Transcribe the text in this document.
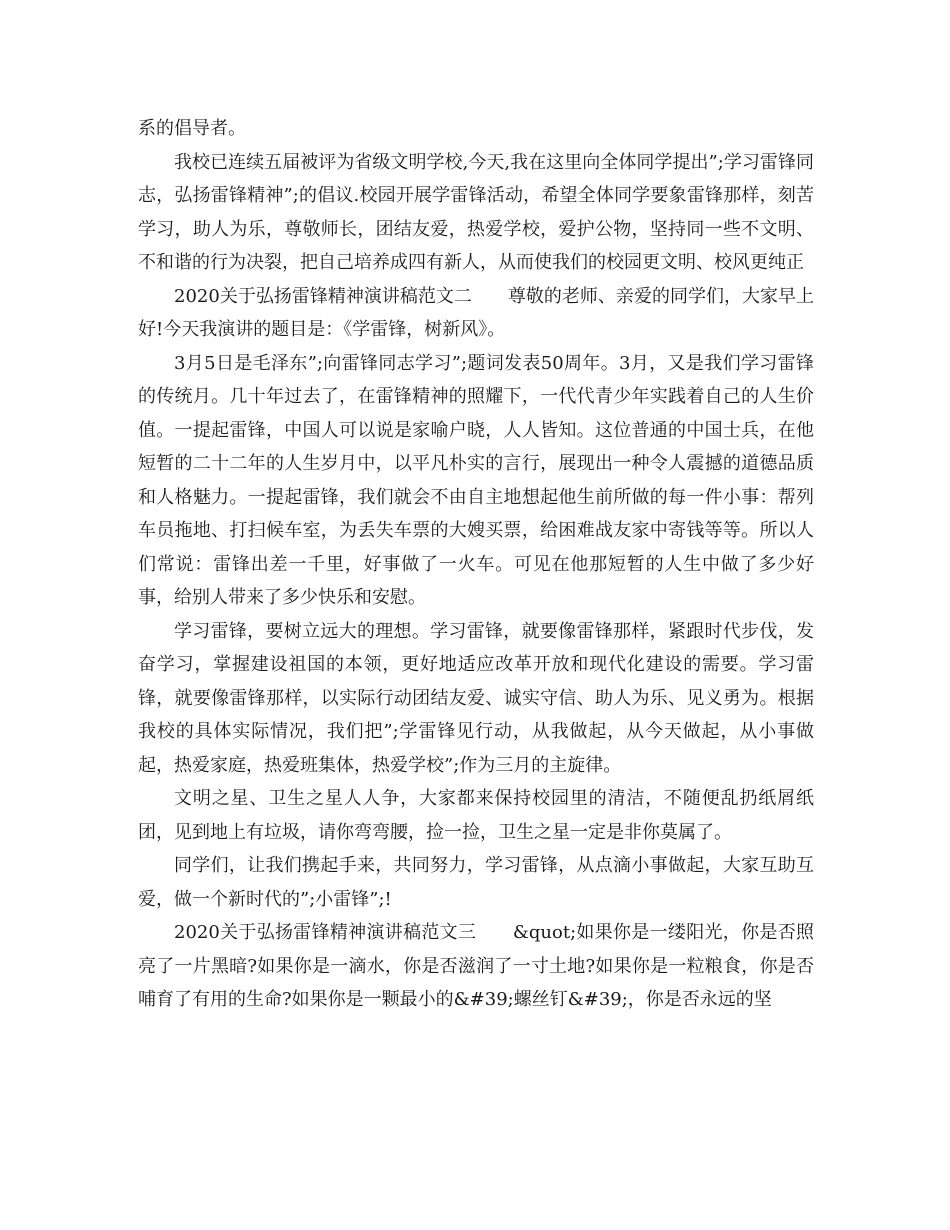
系的倡导者。

我校已连续五届被评为省级文明学校,今天,我在这里向全体同学提出”;学习雷锋同志，弘扬雷锋精神”;的倡议.校园开展学雷锋活动，希望全体同学要象雷锋那样，刻苦学习，助人为乐，尊敬师长，团结友爱，热爱学校，爱护公物，坚持同一些不文明、不和谐的行为决裂，把自己培养成四有新人，从而使我们的校园更文明、校风更纯正

2020关于弘扬雷锋精神演讲稿范文二　　尊敬的老师、亲爱的同学们，大家早上好!今天我演讲的题目是：《学雷锋，树新风》。

3月5日是毛泽东”;向雷锋同志学习”;题词发表50周年。3月，又是我们学习雷锋的传统月。几十年过去了，在雷锋精神的照耀下，一代代青少年实践着自己的人生价值。一提起雷锋，中国人可以说是家喻户晓，人人皆知。这位普通的中国士兵，在他短暂的二十二年的人生岁月中，以平凡朴实的言行，展现出一种令人震撼的道德品质和人格魅力。一提起雷锋，我们就会不由自主地想起他生前所做的每一件小事：帮列车员拖地、打扫候车室，为丢失车票的大嫂买票，给困难战友家中寄钱等等。所以人们常说：雷锋出差一千里，好事做了一火车。可见在他那短暂的人生中做了多少好事，给别人带来了多少快乐和安慰。

学习雷锋，要树立远大的理想。学习雷锋，就要像雷锋那样，紧跟时代步伐，发奋学习，掌握建设祖国的本领，更好地适应改革开放和现代化建设的需要。学习雷锋，就要像雷锋那样，以实际行动团结友爱、诚实守信、助人为乐、见义勇为。根据我校的具体实际情况，我们把”;学雷锋见行动，从我做起，从今天做起，从小事做起，热爱家庭，热爱班集体，热爱学校”;作为三月的主旋律。

文明之星、卫生之星人人争，大家都来保持校园里的清洁，不随便乱扔纸屑纸团，见到地上有垃圾，请你弯弯腰，捡一捡，卫生之星一定是非你莫属了。

同学们，让我们携起手来，共同努力，学习雷锋，从点滴小事做起，大家互助互爱，做一个新时代的”;小雷锋”;!

2020关于弘扬雷锋精神演讲稿范文三　　&quot;如果你是一缕阳光，你是否照亮了一片黑暗?如果你是一滴水，你是否滋润了一寸土地?如果你是一粒粮食，你是否哺育了有用的生命?如果你是一颗最小的&#39;螺丝钉&#39;，你是否永远的坚
